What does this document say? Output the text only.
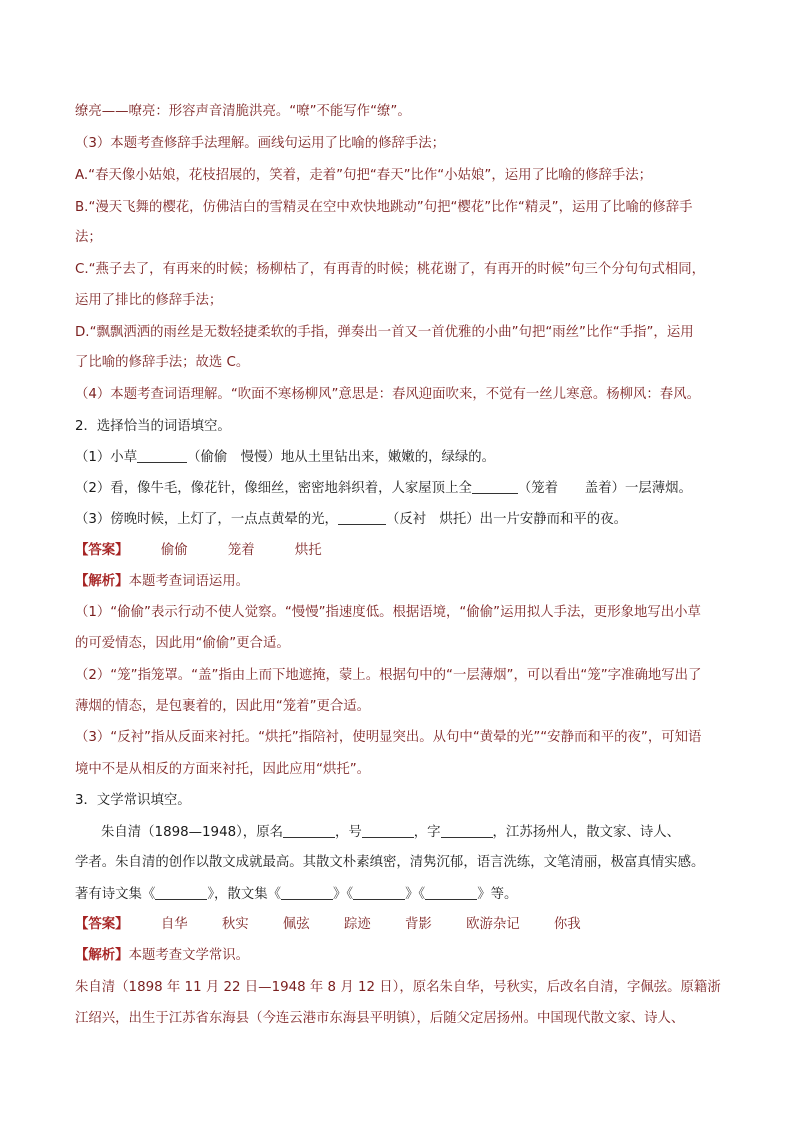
缭亮——嘹亮：形容声音清脆洪亮。“嘹”不能写作“缭”。
（3）本题考查修辞手法理解。画线句运用了比喻的修辞手法；
A.“春天像小姑娘，花枝招展的，笑着，走着”句把“春天”比作“小姑娘”，运用了比喻的修辞手法；
B.“漫天飞舞的樱花，仿佛洁白的雪精灵在空中欢快地跳动”句把“樱花”比作“精灵”，运用了比喻的修辞手
法；
C.“燕子去了，有再来的时候；杨柳枯了，有再青的时候；桃花谢了，有再开的时候”句三个分句句式相同，
运用了排比的修辞手法；
D.“飘飘洒洒的雨丝是无数轻捷柔软的手指，弹奏出一首又一首优雅的小曲”句把“雨丝”比作“手指”，运用
了比喻的修辞手法；故选 C。
（4）本题考查词语理解。“吹面不寒杨柳风”意思是：春风迎面吹来，不觉有一丝儿寒意。杨柳风：春风。
2．选择恰当的词语填空。
（1）小草	（偷偷　慢慢）地从土里钻出来，嫩嫩的，绿绿的。
（2）看，像牛毛，像花针，像细丝，密密地斜织着，人家屋顶上全	（笼着　　盖着）一层薄烟。
（3）傍晚时候，上灯了，一点点黄晕的光，	（反衬　烘托）出一片安静而和平的夜。
【答案】 偷偷	笼着	烘托
【解析】本题考查词语运用。
（1）“偷偷”表示行动不使人觉察。“慢慢”指速度低。根据语境，“偷偷”运用拟人手法，更形象地写出小草
的可爱情态，因此用“偷偷”更合适。
（2）“笼”指笼罩。“盖”指由上而下地遮掩，蒙上。根据句中的“一层薄烟”，可以看出“笼”字准确地写出了
薄烟的情态，是包裹着的，因此用“笼着”更合适。
（3）“反衬”指从反面来衬托。“烘托”指陪衬，使明显突出。从句中“黄晕的光”“安静而和平的夜”，可知语
境中不是从相反的方面来衬托，因此应用“烘托”。
3．文学常识填空。
朱自清（1898—1948），原名	，号	，字	，江苏扬州人，散文家、诗人、
学者。朱自清的创作以散文成就最高。其散文朴素缜密，清隽沉郁，语言洗练，文笔清丽，极富真情实感。
著有诗文集《	》，散文集《	》《	》《	》等。
【答案】 自华	秋实	佩弦	踪迹	背影	欧游杂记	你我
【解析】本题考查文学常识。
朱自清（1898 年 11 月 22 日—1948 年 8 月 12 日），原名朱自华，号秋实，后改名自清，字佩弦。原籍浙
江绍兴，出生于江苏省东海县（今连云港市东海县平明镇），后随父定居扬州。中国现代散文家、诗人、
